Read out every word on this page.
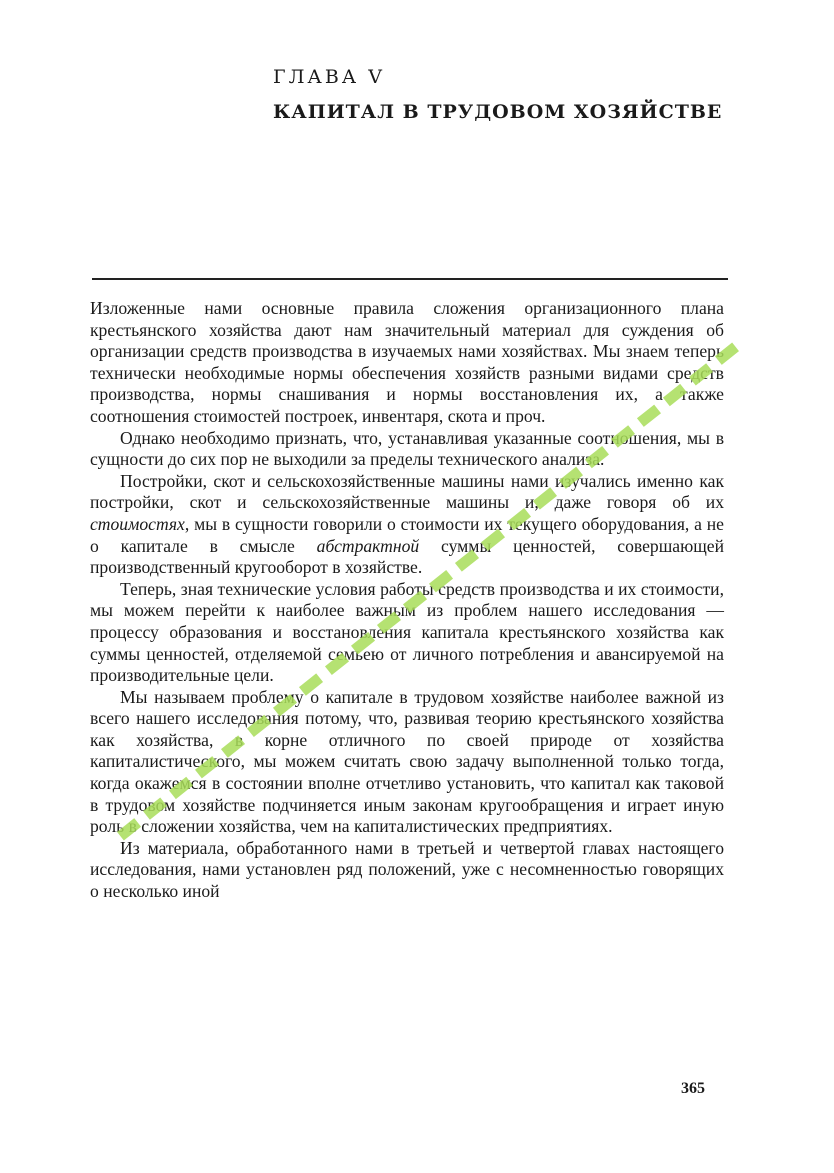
ГЛАВА V
КАПИТАЛ В ТРУДОВОМ ХОЗЯЙСТВЕ

Изложенные нами основные правила сложения организационного плана крестьянского хозяйства дают нам значительный материал для суждения об организации средств производства в изучаемых нами хозяйствах. Мы знаем теперь технически необходимые нормы обеспечения хозяйств разными видами средств производства, нормы снашивания и нормы восстановления их, а также соотношения стоимостей построек, инвентаря, скота и проч.

Однако необходимо признать, что, устанавливая указанные соотношения, мы в сущности до сих пор не выходили за пределы технического анализа.

Постройки, скот и сельскохозяйственные машины нами изучались именно как постройки, скот и сельскохозяйственные машины и, даже говоря об их стоимостях, мы в сущности говорили о стоимости их текущего оборудования, а не о капитале в смысле абстрактной суммы ценностей, совершающей производственный кругооборот в хозяйстве.

Теперь, зная технические условия работы средств производства и их стоимости, мы можем перейти к наиболее важным из проблем нашего исследования — процессу образования и восстановления капитала крестьянского хозяйства как суммы ценностей, отделяемой семьею от личного потребления и авансируемой на производительные цели.

Мы называем проблему о капитале в трудовом хозяйстве наиболее важной из всего нашего исследования потому, что, развивая теорию крестьянского хозяйства как хозяйства, в корне отличного по своей природе от хозяйства капиталистического, мы можем считать свою задачу выполненной только тогда, когда окажемся в состоянии вполне отчетливо установить, что капитал как таковой в трудовом хозяйстве подчиняется иным законам кругообращения и играет иную роль в сложении хозяйства, чем на капиталистических предприятиях.

Из материала, обработанного нами в третьей и четвертой главах настоящего исследования, нами установлен ряд положений, уже с несомненностью говорящих о несколько иной

365
